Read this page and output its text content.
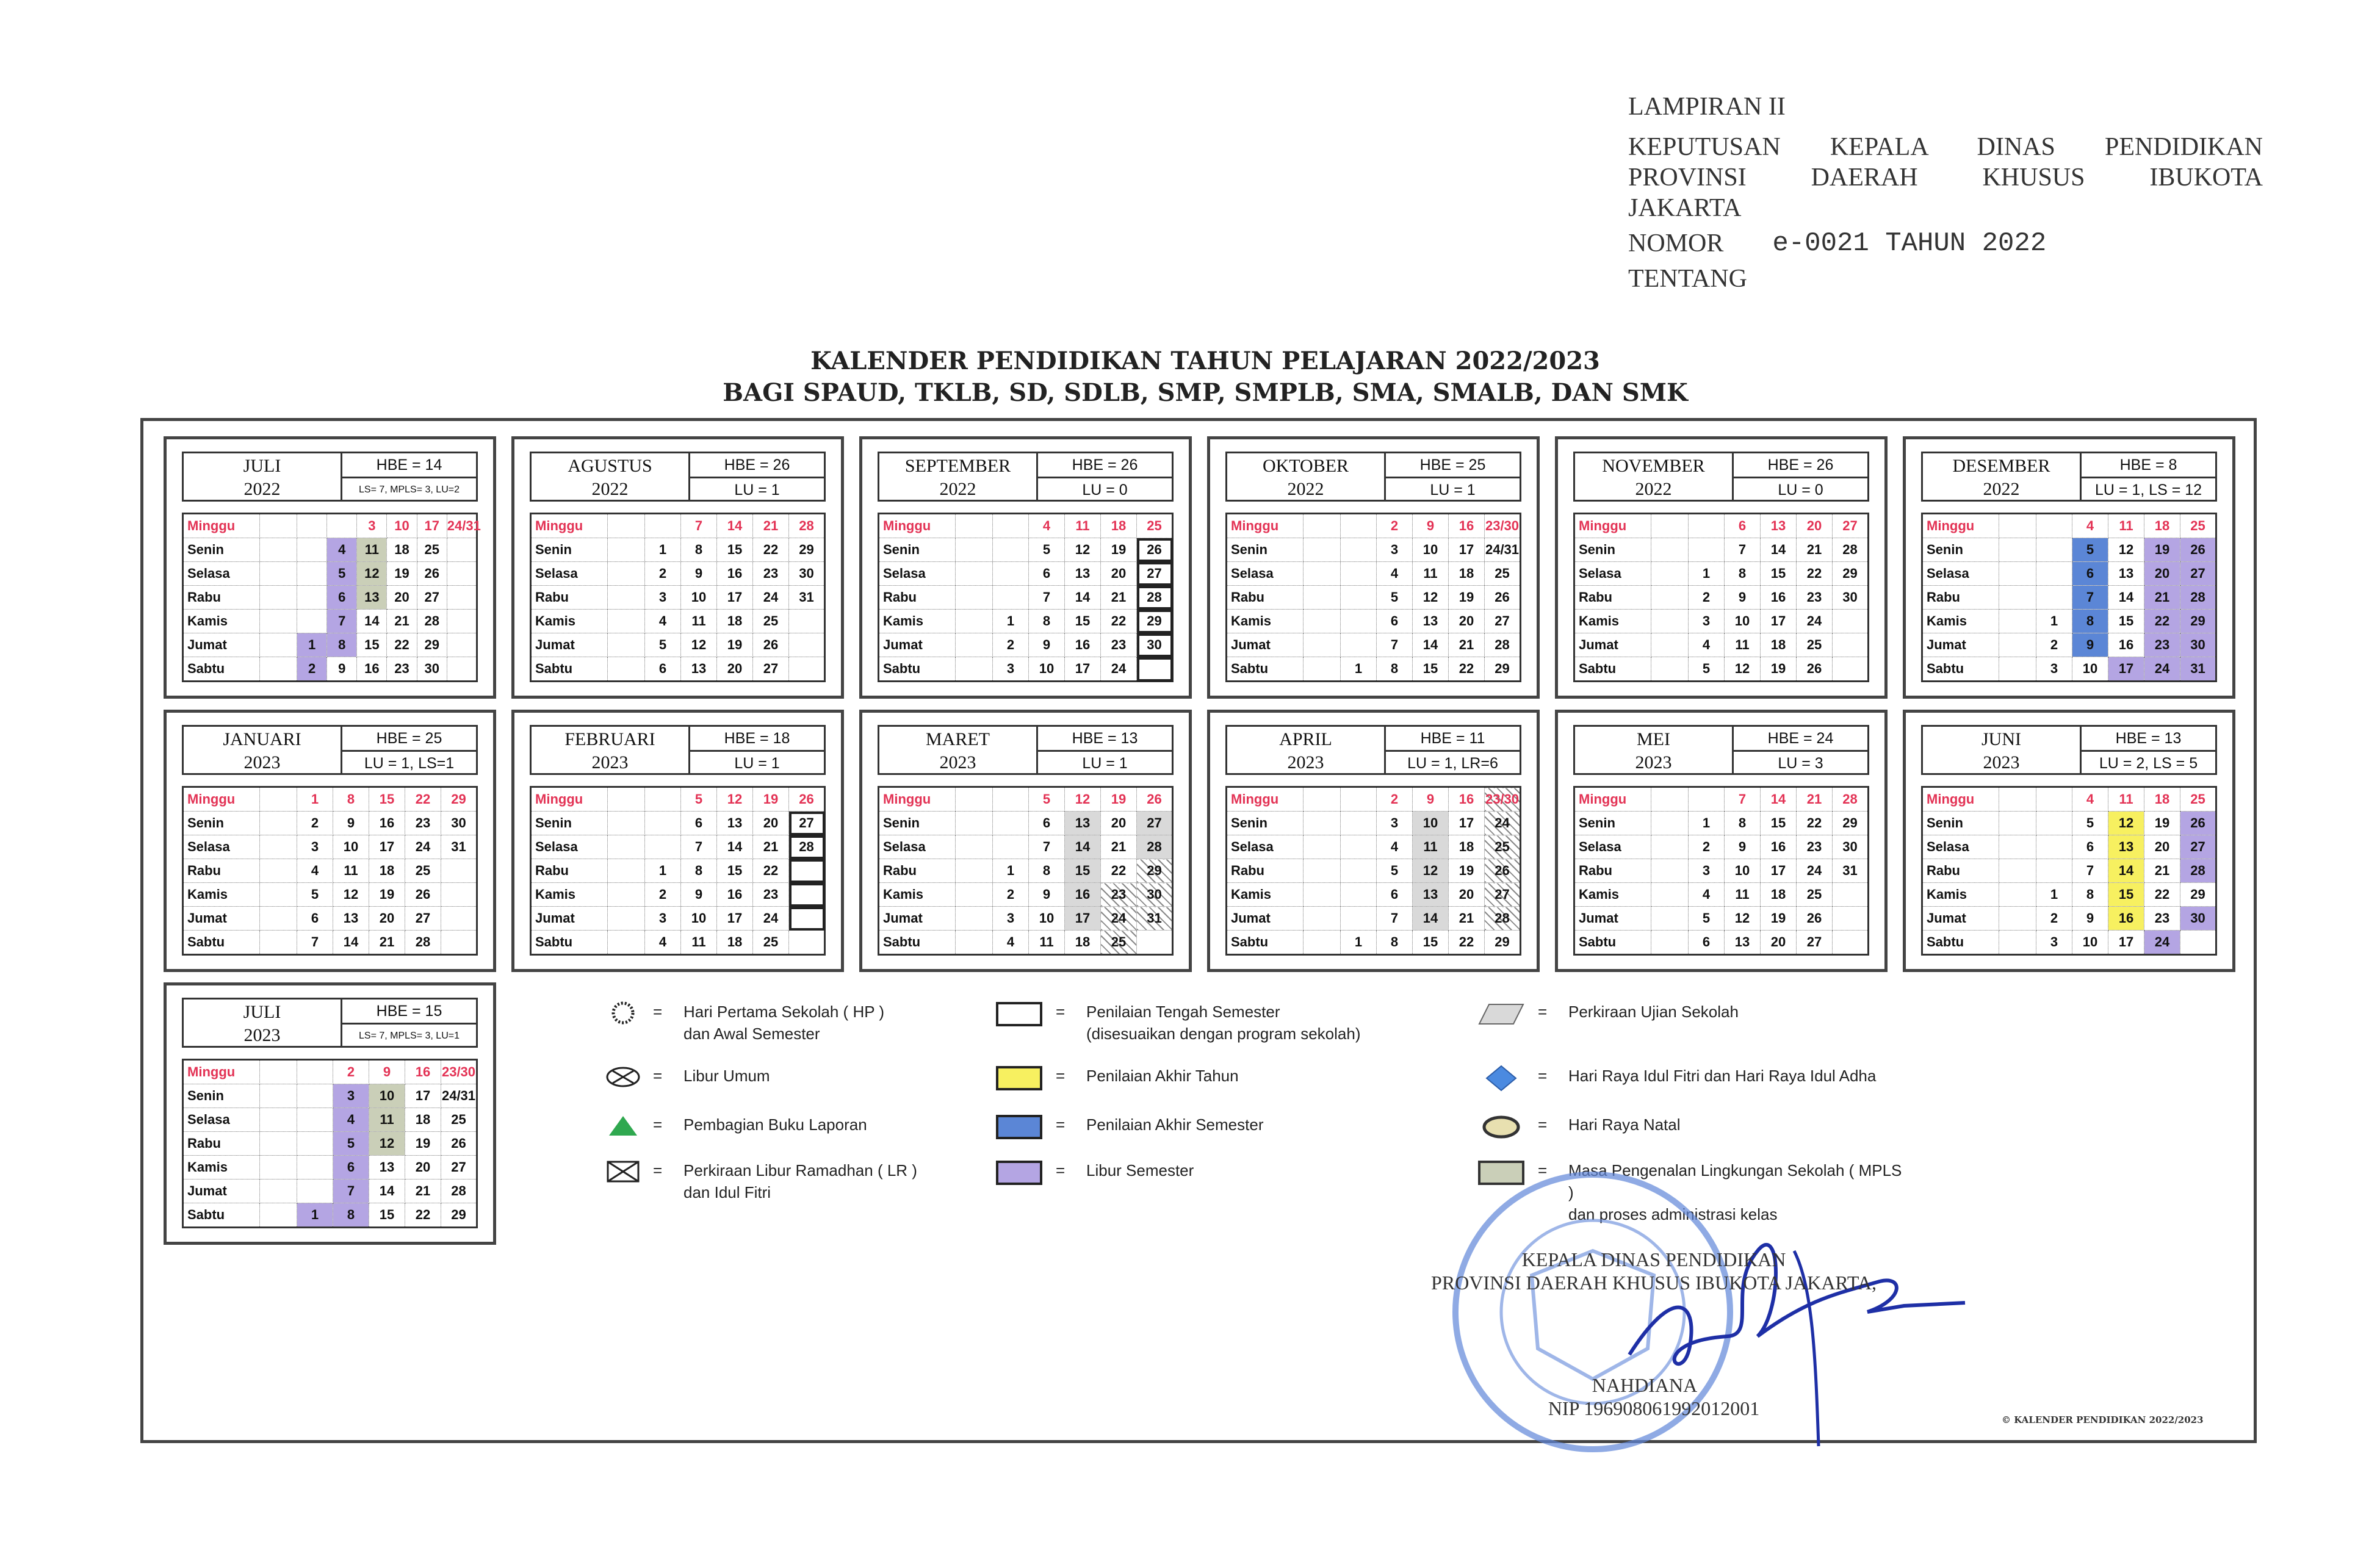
LAMPIRAN II
KEPUTUSAN KEPALA DINAS PENDIDIKAN
PROVINSI DAERAH KHUSUS IBUKOTA
JAKARTA
NOMOR e-0021 TAHUN 2022
TENTANG
KALENDER PENDIDIKAN TAHUN PELAJARAN 2022/2023
BAGI SPAUD, TKLB, SD, SDLB, SMP, SMPLB, SMA, SMALB, DAN SMK
JULI
2022
HBE = 14
LS= 7, MPLS= 3, LU=2
Minggu				3	10	17	24/31
Senin			4	11	18	25	
Selasa			5	12	19	26	
Rabu			6	13	20	27	
Kamis			7	14	21	28	
Jumat		1	8	15	22	29	
Sabtu		2	9	16	23	30	
AGUSTUS
2022
HBE = 26
LU = 1
Minggu			7	14	21	28
Senin		1	8	15	22	29
Selasa		2	9	16	23	30
Rabu		3	10	17	24	31
Kamis		4	11	18	25	
Jumat		5	12	19	26	
Sabtu		6	13	20	27	
SEPTEMBER
2022
HBE = 26
LU = 0
Minggu			4	11	18	25
Senin			5	12	19	26
Selasa			6	13	20	27
Rabu			7	14	21	28
Kamis		1	8	15	22	29
Jumat		2	9	16	23	30
Sabtu		3	10	17	24	
OKTOBER
2022
HBE = 25
LU = 1
Minggu			2	9	16	23/30
Senin			3	10	17	24/31
Selasa			4	11	18	25
Rabu			5	12	19	26
Kamis			6	13	20	27
Jumat			7	14	21	28
Sabtu		1	8	15	22	29
NOVEMBER
2022
HBE = 26
LU = 0
Minggu			6	13	20	27
Senin			7	14	21	28
Selasa		1	8	15	22	29
Rabu		2	9	16	23	30
Kamis		3	10	17	24	
Jumat		4	11	18	25	
Sabtu		5	12	19	26	
DESEMBER
2022
HBE = 8
LU = 1, LS = 12
Minggu			4	11	18	25
Senin			5	12	19	26
Selasa			6	13	20	27
Rabu			7	14	21	28
Kamis		1	8	15	22	29
Jumat		2	9	16	23	30
Sabtu		3	10	17	24	31
JANUARI
2023
HBE = 25
LU = 1, LS=1
Minggu		1	8	15	22	29
Senin		2	9	16	23	30
Selasa		3	10	17	24	31
Rabu		4	11	18	25	
Kamis		5	12	19	26	
Jumat		6	13	20	27	
Sabtu		7	14	21	28	
FEBRUARI
2023
HBE = 18
LU = 1
Minggu			5	12	19	26
Senin			6	13	20	27
Selasa			7	14	21	28
Rabu		1	8	15	22	
Kamis		2	9	16	23	
Jumat		3	10	17	24	
Sabtu		4	11	18	25	
MARET
2023
HBE = 13
LU = 1
Minggu			5	12	19	26
Senin			6	13	20	27
Selasa			7	14	21	28
Rabu		1	8	15	22	29
Kamis		2	9	16	23	30
Jumat		3	10	17	24	31
Sabtu		4	11	18	25	
APRIL
2023
HBE = 11
LU = 1, LR=6
Minggu			2	9	16	23/30
Senin			3	10	17	24
Selasa			4	11	18	25
Rabu			5	12	19	26
Kamis			6	13	20	27
Jumat			7	14	21	28
Sabtu		1	8	15	22	29
MEI
2023
HBE = 24
LU = 3
Minggu			7	14	21	28
Senin		1	8	15	22	29
Selasa		2	9	16	23	30
Rabu		3	10	17	24	31
Kamis		4	11	18	25	
Jumat		5	12	19	26	
Sabtu		6	13	20	27	
JUNI
2023
HBE = 13
LU = 2, LS = 5
Minggu			4	11	18	25
Senin			5	12	19	26
Selasa			6	13	20	27
Rabu			7	14	21	28
Kamis		1	8	15	22	29
Jumat		2	9	16	23	30
Sabtu		3	10	17	24	
JULI
2023
HBE = 15
LS= 7, MPLS= 3, LU=1
Minggu			2	9	16	23/30
Senin			3	10	17	24/31
Selasa			4	11	18	25
Rabu			5	12	19	26
Kamis			6	13	20	27
Jumat			7	14	21	28
Sabtu		1	8	15	22	29
= Hari Pertama Sekolah ( HP )
dan Awal Semester
= Libur Umum
= Pembagian Buku Laporan
= Perkiraan Libur Ramadhan ( LR )
dan Idul Fitri
= Penilaian Tengah Semester
(disesuaikan dengan program sekolah)
= Penilaian Akhir Tahun
= Penilaian Akhir Semester
= Libur Semester
= Perkiraan Ujian Sekolah
= Hari Raya Idul Fitri dan Hari Raya Idul Adha
= Hari Raya Natal
= Masa Pengenalan Lingkungan Sekolah ( MPLS )
dan proses administrasi kelas
KEPALA DINAS PENDIDIKAN
PROVINSI DAERAH KHUSUS IBUKOTA JAKARTA,
NAHDIANA
NIP 196908061992012001
© KALENDER PENDIDIKAN 2022/2023
